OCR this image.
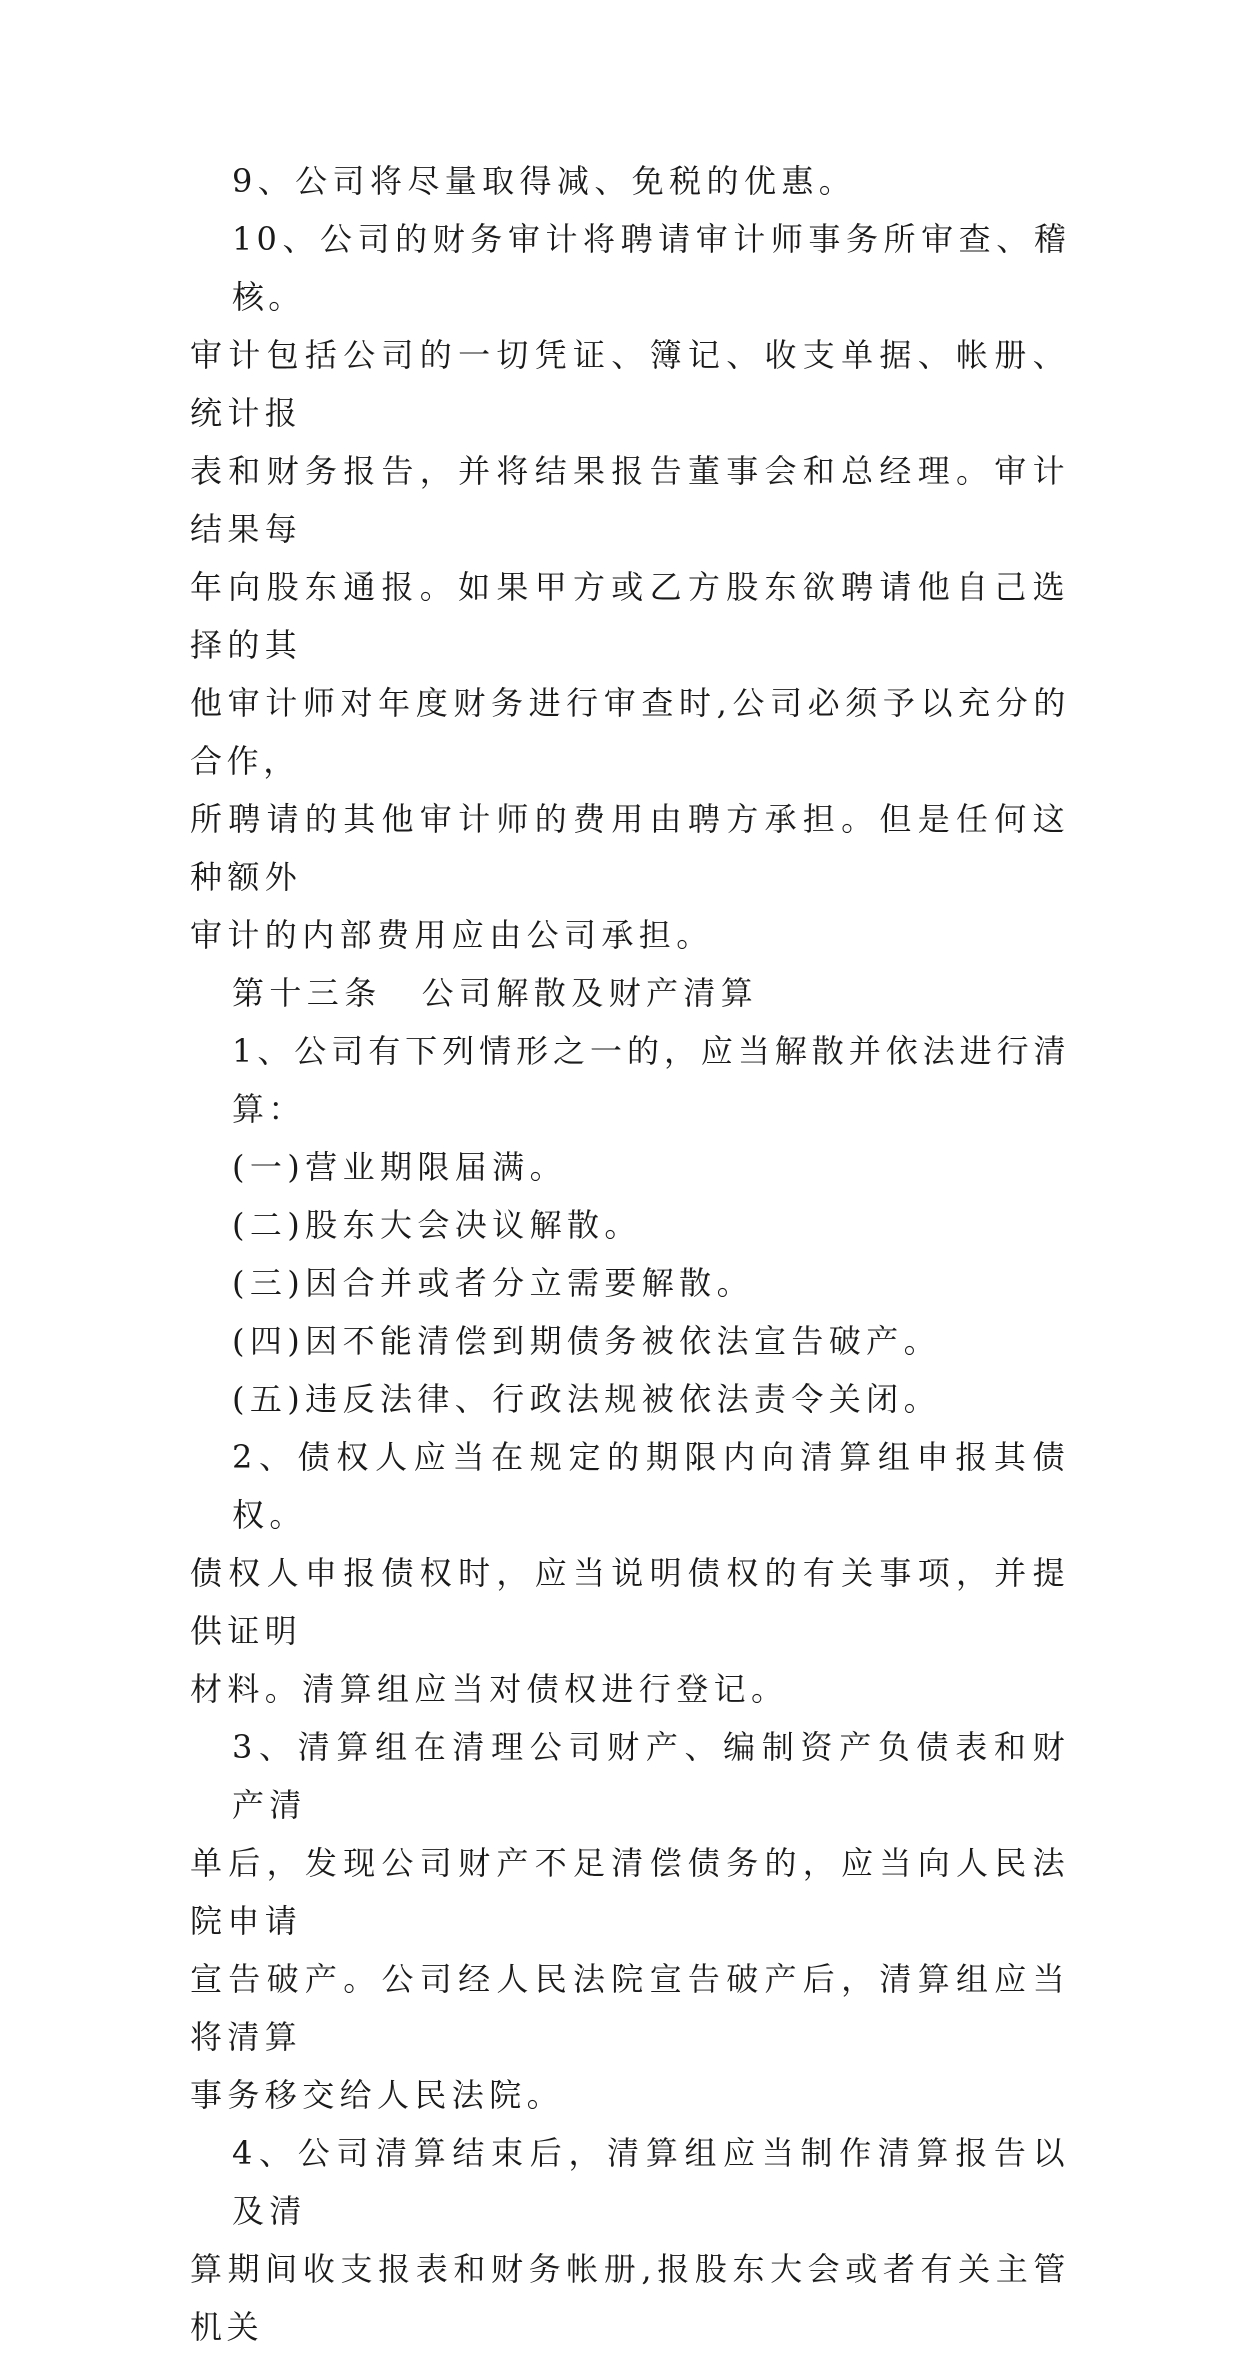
9、公司将尽量取得减、免税的优惠。

10、公司的财务审计将聘请审计师事务所审查、稽核。
审计包括公司的一切凭证、簿记、收支单据、帐册、统计报
表和财务报告，并将结果报告董事会和总经理。审计结果每
年向股东通报。如果甲方或乙方股东欲聘请他自己选择的其
他审计师对年度财务进行审查时,公司必须予以充分的合作，
所聘请的其他审计师的费用由聘方承担。但是任何这种额外
审计的内部费用应由公司承担。

第十三条 公司解散及财产清算

1、公司有下列情形之一的，应当解散并依法进行清算：

(一)营业期限届满。

(二)股东大会决议解散。

(三)因合并或者分立需要解散。

(四)因不能清偿到期债务被依法宣告破产。

(五)违反法律、行政法规被依法责令关闭。

2、债权人应当在规定的期限内向清算组申报其债权。
债权人申报债权时，应当说明债权的有关事项，并提供证明
材料。清算组应当对债权进行登记。

3、清算组在清理公司财产、编制资产负债表和财产清
单后，发现公司财产不足清偿债务的，应当向人民法院申请
宣告破产。公司经人民法院宣告破产后，清算组应当将清算
事务移交给人民法院。

4、公司清算结束后，清算组应当制作清算报告以及清
算期间收支报表和财务帐册,报股东大会或者有关主管机关
